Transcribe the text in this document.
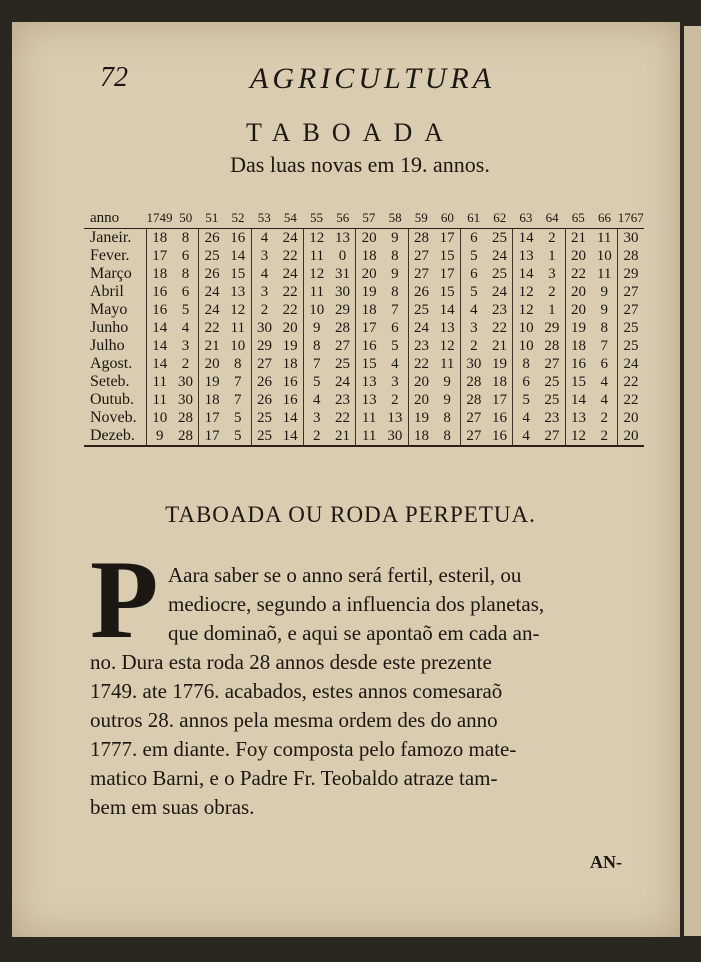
72	AGRICULTURA
TABOADA
Das luas novas em 19. annos.
anno	1749	50	51	52	53	54	55	56	57	58	59	60	61	62	63	64	65	66	1767
Janeir.	18	8	26	16	4	24	12	13	20	9	28	17	6	25	14	2	21	11	30
Fever.	17	6	25	14	3	22	11	0	18	8	27	15	5	24	13	1	20	10	28
Março	18	8	26	15	4	24	12	31	20	9	27	17	6	25	14	3	22	11	29
Abril	16	6	24	13	3	22	11	30	19	8	26	15	5	24	12	2	20	9	27
Mayo	16	5	24	12	2	22	10	29	18	7	25	14	4	23	12	1	20	9	27
Junho	14	4	22	11	30	20	9	28	17	6	24	13	3	22	10	29	19	8	25
Julho	14	3	21	10	29	19	8	27	16	5	23	12	2	21	10	28	18	7	25
Agost.	14	2	20	8	27	18	7	25	15	4	22	11	30	19	8	27	16	6	24
Seteb.	11	30	19	7	26	16	5	24	13	3	20	9	28	18	6	25	15	4	22
Outub.	11	30	18	7	26	16	4	23	13	2	20	9	28	17	5	25	14	4	22
Noveb.	10	28	17	5	25	14	3	22	11	13	19	8	27	16	4	23	13	2	20
Dezeb.	9	28	17	5	25	14	2	21	11	30	18	8	27	16	4	27	12	2	20
TABOADA OU RODA PERPETUA.
P Aara saber se o anno será fertil, esteril, ou
mediocre, segundo a influencia dos planetas,
que dominaõ, e aqui se apontaõ em cada an-
no. Dura esta roda 28 annos desde este prezente
1749. ate 1776. acabados, estes annos comesaraõ
outros 28. annos pela mesma ordem des do anno
1777. em diante. Foy composta pelo famozo mate-
matico Barni, e o Padre Fr. Teobaldo atraze tam-
bem em suas obras.
AN-
